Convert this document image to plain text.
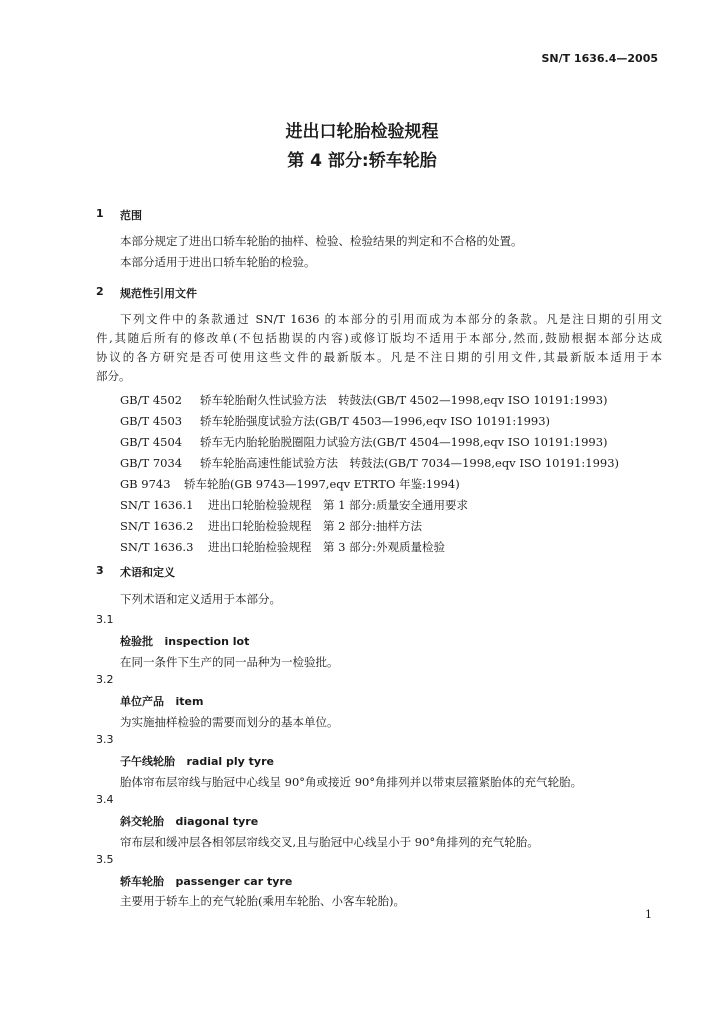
SN/T 1636.4—2005
进出口轮胎检验规程
第 4 部分:轿车轮胎
1 范围
本部分规定了进出口轿车轮胎的抽样、检验、检验结果的判定和不合格的处置。
本部分适用于进出口轿车轮胎的检验。
2 规范性引用文件

下列文件中的条款通过 SN/T 1636 的本部分的引用而成为本部分的条款。凡是注日期的引用文

件,其随后所有的修改单(不包括勘误的内容)或修订版均不适用于本部分,然而,鼓励根据本部分达成

协议的各方研究是否可使用这些文件的最新版本。凡是不注日期的引用文件,其最新版本适用于本

部分。

GB/T 4502 轿车轮胎耐久性试验方法　转鼓法(GB/T 4502—1998,eqv ISO 10191:1993)
GB/T 4503 轿车轮胎强度试验方法(GB/T 4503—1996,eqv ISO 10191:1993)
GB/T 4504 轿车无内胎轮胎脱圈阻力试验方法(GB/T 4504—1998,eqv ISO 10191:1993)
GB/T 7034 轿车轮胎高速性能试验方法　转鼓法(GB/T 7034—1998,eqv ISO 10191:1993)
GB 9743 轿车轮胎(GB 9743—1997,eqv ETRTO 年鉴:1994)
SN/T 1636.1 进出口轮胎检验规程　第 1 部分:质量安全通用要求
SN/T 1636.2 进出口轮胎检验规程　第 2 部分:抽样方法
SN/T 1636.3 进出口轮胎检验规程　第 3 部分:外观质量检验
3 术语和定义
下列术语和定义适用于本部分。
3.1
检验批 inspection lot
在同一条件下生产的同一品种为一检验批。
3.2
单位产品 item
为实施抽样检验的需要而划分的基本单位。
3.3
子午线轮胎 radial ply tyre
胎体帘布层帘线与胎冠中心线呈 90°角或接近 90°角排列并以带束层箍紧胎体的充气轮胎。
3.4
斜交轮胎 diagonal tyre
帘布层和缓冲层各相邻层帘线交叉,且与胎冠中心线呈小于 90°角排列的充气轮胎。
3.5
轿车轮胎 passenger car tyre
主要用于轿车上的充气轮胎(乘用车轮胎、小客车轮胎)。
1
